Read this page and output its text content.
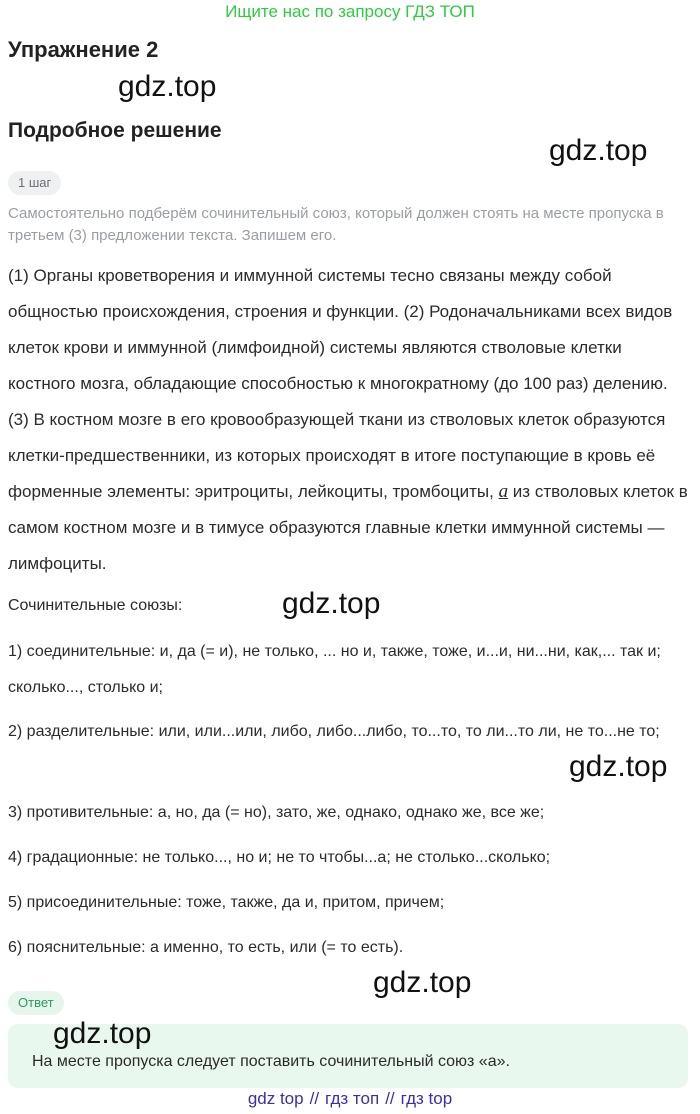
Ищите нас по запросу ГДЗ ТОП
Упражнение 2
gdz.top
Подробное решение
gdz.top
1 шаг
Самостоятельно подберём сочинительный союз, который должен стоять на месте пропуска в третьем (3) предложении текста. Запишем его.
(1) Органы кроветворения и иммунной системы тесно связаны между собой общностью происхождения, строения и функции. (2) Родоначальниками всех видов клеток крови и иммунной (лимфоидной) системы являются стволовые клетки костного мозга, обладающие способностью к многократному (до 100 раз) делению. (3) В костном мозге в его кровообразующей ткани из стволовых клеток образуются клетки-предшественники, из которых происходят в итоге поступающие в кровь её форменные элементы: эритроциты, лейкоциты, тромбоциты, а из стволовых клеток в самом костном мозге и в тимусе образуются главные клетки иммунной системы — лимфоциты.
Сочинительные союзы:	gdz.top
1) соединительные: и, да (= и), не только, ... но и, также, тоже, и...и, ни...ни, как,... так и; сколько..., столько и;
2) разделительные: или, или...или, либо, либо...либо, то...то, то ли...то ли, не то...не то;
gdz.top
3) противительные: а, но, да (= но), зато, же, однако, однако же, все же;
4) градационные: не только..., но и; не то чтобы...а; не столько...сколько;
5) присоединительные: тоже, также, да и, притом, причем;
6) пояснительные: а именно, то есть, или (= то есть).
gdz.top
Ответ
На месте пропуска следует поставить сочинительный союз «а».
gdz.top
gdz top // гдз топ // гдз top
